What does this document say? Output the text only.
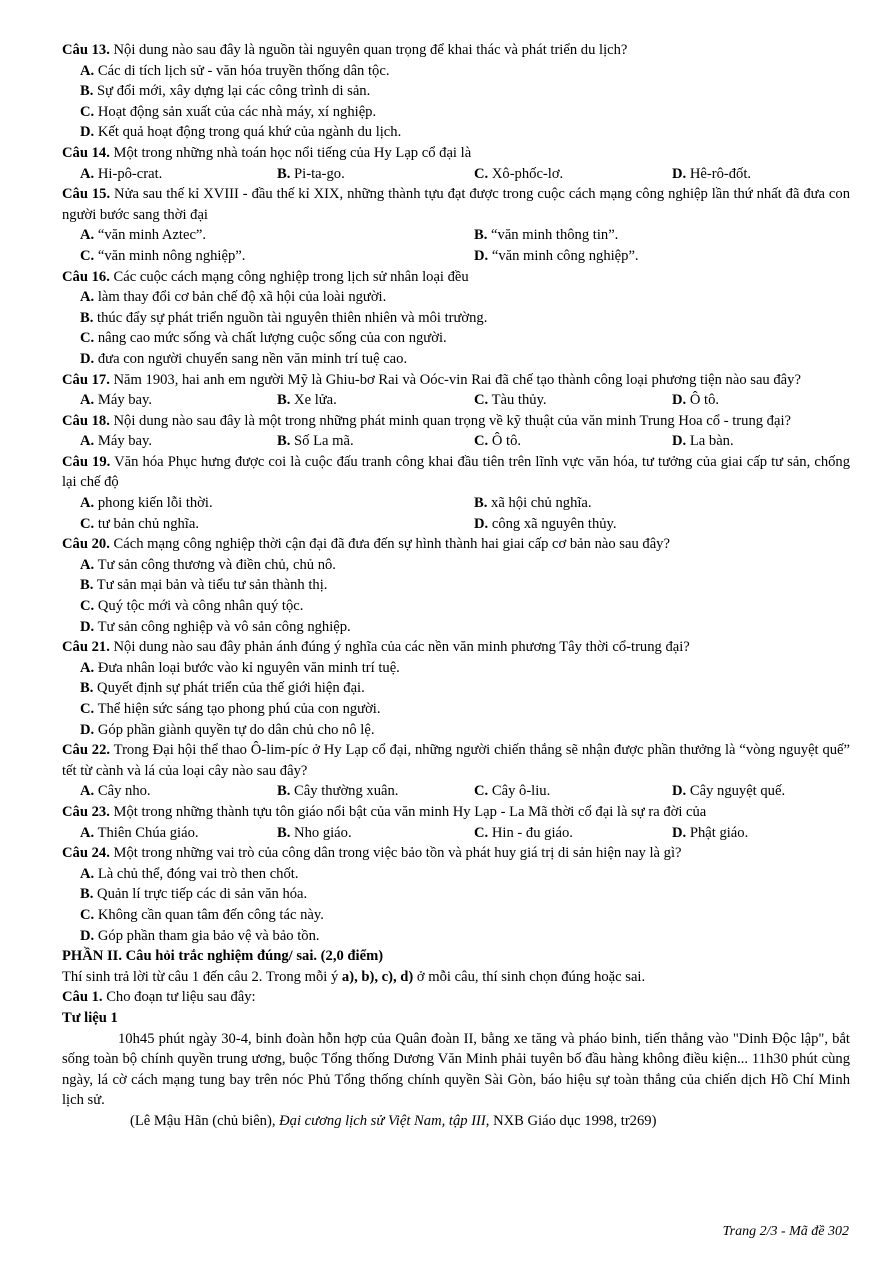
Câu 13. Nội dung nào sau đây là nguồn tài nguyên quan trọng để khai thác và phát triển du lịch?
A. Các di tích lịch sử - văn hóa truyền thống dân tộc.
B. Sự đổi mới, xây dựng lại các công trình di sản.
C. Hoạt động sản xuất của các nhà máy, xí nghiệp.
D. Kết quả hoạt động trong quá khứ của ngành du lịch.
Câu 14. Một trong những nhà toán học nổi tiếng của Hy Lạp cổ đại là
A. Hi-pô-crat.	B. Pi-ta-go.	C. Xô-phốc-lơ.	D. Hê-rô-đốt.
Câu 15. Nửa sau thế kỉ XVIII - đầu thế kỉ XIX, những thành tựu đạt được trong cuộc cách mạng công nghiệp lần thứ nhất đã đưa con người bước sang thời đại
A. “văn minh Aztec”.	B. “văn minh thông tin”.
C. “văn minh nông nghiệp”.	D. “văn minh công nghiệp”.
Câu 16. Các cuộc cách mạng công nghiệp trong lịch sử nhân loại đều
A. làm thay đổi cơ bản chế độ xã hội của loài người.
B. thúc đẩy sự phát triển nguồn tài nguyên thiên nhiên và môi trường.
C. nâng cao mức sống và chất lượng cuộc sống của con người.
D. đưa con người chuyển sang nền văn minh trí tuệ cao.
Câu 17. Năm 1903, hai anh em người Mỹ là Ghiu-bơ Rai và Oóc-vin Rai đã chế tạo thành công loại phương tiện nào sau đây?
A. Máy bay.	B. Xe lửa.	C. Tàu thủy.	D. Ô tô.
Câu 18. Nội dung nào sau đây là một trong những phát minh quan trọng về kỹ thuật của văn minh Trung Hoa cổ - trung đại?
A. Máy bay.	B. Số La mã.	C. Ô tô.	D. La bàn.
Câu 19. Văn hóa Phục hưng được coi là cuộc đấu tranh công khai đầu tiên trên lĩnh vực văn hóa, tư tưởng của giai cấp tư sản, chống lại chế độ
A. phong kiến lỗi thời.	B. xã hội chủ nghĩa.
C. tư bản chủ nghĩa.	D. công xã nguyên thủy.
Câu 20. Cách mạng công nghiệp thời cận đại đã đưa đến sự hình thành hai giai cấp cơ bản nào sau đây?
A. Tư sản công thương và điền chủ, chủ nô.
B. Tư sản mại bản và tiểu tư sản thành thị.
C. Quý tộc mới và công nhân quý tộc.
D. Tư sản công nghiệp và vô sản công nghiệp.
Câu 21. Nội dung nào sau đây phản ánh đúng ý nghĩa của các nền văn minh phương Tây thời cổ-trung đại?
A. Đưa nhân loại bước vào kỉ nguyên văn minh trí tuệ.
B. Quyết định sự phát triển của thế giới hiện đại.
C. Thể hiện sức sáng tạo phong phú của con người.
D. Góp phần giành quyền tự do dân chủ cho nô lệ.
Câu 22. Trong Đại hội thể thao Ô-lim-píc ở Hy Lạp cổ đại, những người chiến thắng sẽ nhận được phần thưởng là “vòng nguyệt quế” tết từ cành và lá của loại cây nào sau đây?
A. Cây nho.	B. Cây thường xuân.	C. Cây ô-liu.	D. Cây nguyệt quế.
Câu 23. Một trong những thành tựu tôn giáo nổi bật của văn minh Hy Lạp - La Mã thời cổ đại là sự ra đời của
A. Thiên Chúa giáo.	B. Nho giáo.	C. Hin - đu giáo.	D. Phật giáo.
Câu 24. Một trong những vai trò của công dân trong việc bảo tồn và phát huy giá trị di sản hiện nay là gì?
A. Là chủ thể, đóng vai trò then chốt.
B. Quản lí trực tiếp các di sản văn hóa.
C. Không cần quan tâm đến công tác này.
D. Góp phần tham gia bảo vệ và bảo tồn.
PHẦN II. Câu hỏi trắc nghiệm đúng/ sai. (2,0 điểm)
Thí sinh trả lời từ câu 1 đến câu 2. Trong mỗi ý a), b), c), d) ở mỗi câu, thí sinh chọn đúng hoặc sai.
Câu 1. Cho đoạn tư liệu sau đây:
Tư liệu 1
10h45 phút ngày 30-4, binh đoàn hỗn hợp của Quân đoàn II, bằng xe tăng và pháo binh, tiến thẳng vào "Dinh Độc lập", bắt sống toàn bộ chính quyền trung ương, buộc Tổng thống Dương Văn Minh phải tuyên bố đầu hàng không điều kiện... 11h30 phút cùng ngày, lá cờ cách mạng tung bay trên nóc Phủ Tổng thống chính quyền Sài Gòn, báo hiệu sự toàn thắng của chiến dịch Hồ Chí Minh lịch sử.
(Lê Mậu Hãn (chủ biên), Đại cương lịch sử Việt Nam, tập III, NXB Giáo dục 1998, tr269)
Trang 2/3 - Mã đề 302
